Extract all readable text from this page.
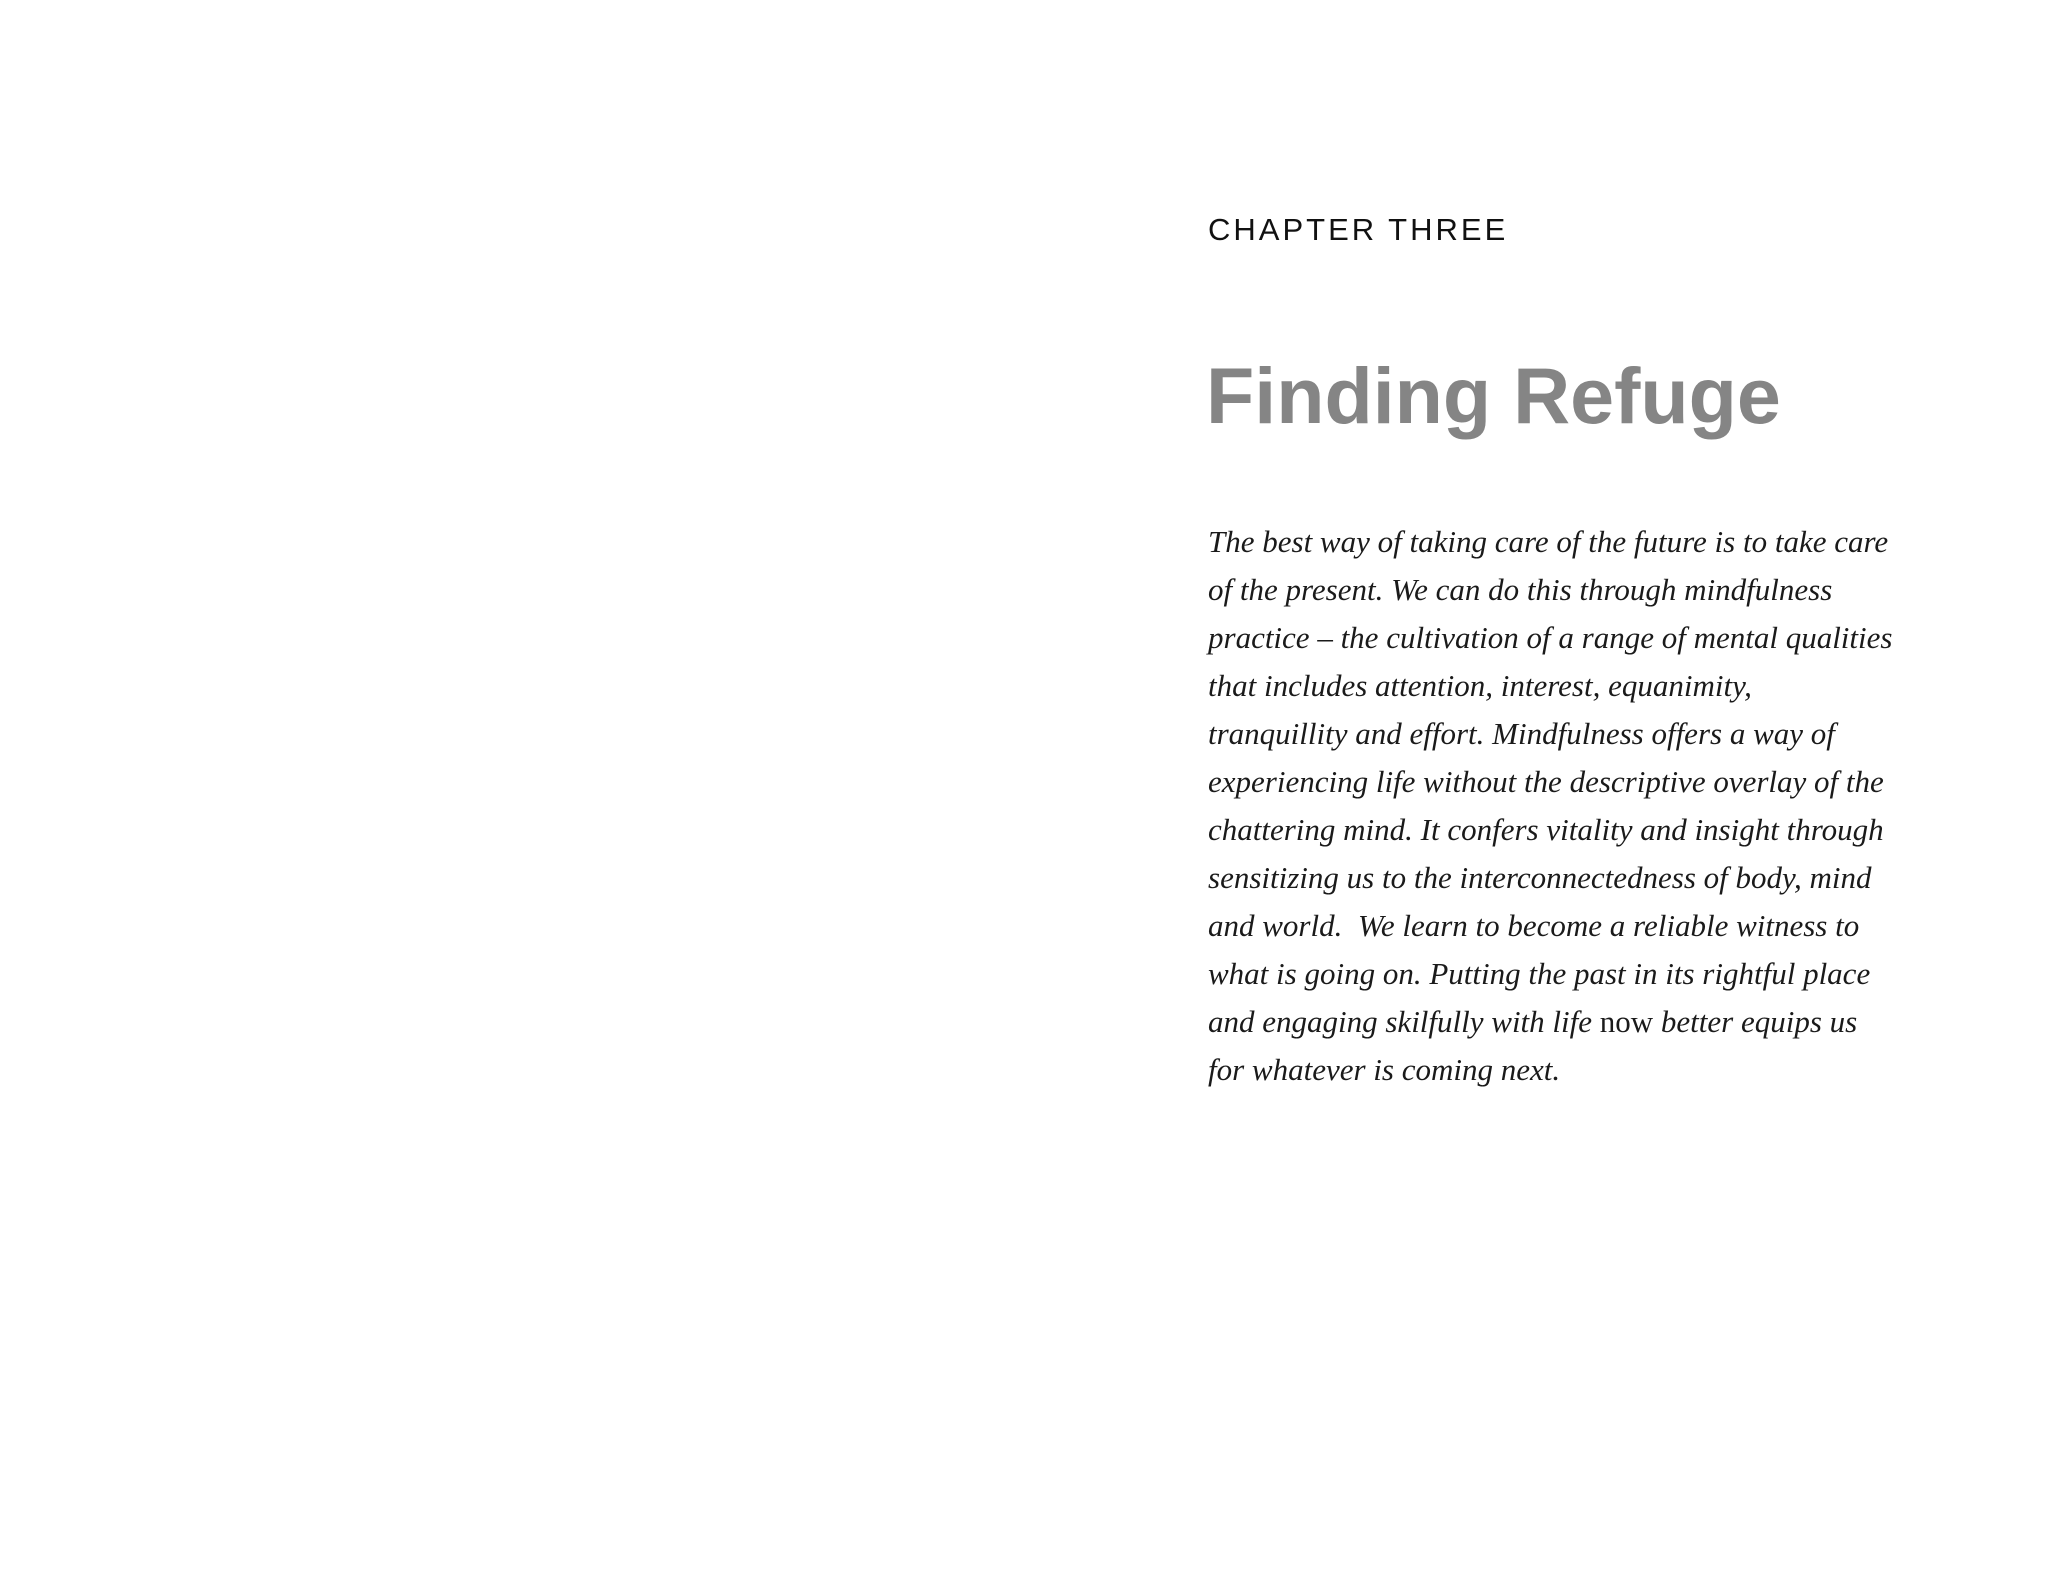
CHAPTER THREE
Finding Refuge
The best way of taking care of the future is to take care
of the present. We can do this through mindfulness
practice – the cultivation of a range of mental qualities
that includes attention, interest, equanimity,
tranquillity and effort. Mindfulness offers a way of
experiencing life without the descriptive overlay of the
chattering mind. It confers vitality and insight through
sensitizing us to the interconnectedness of body, mind
and world.  We learn to become a reliable witness to
what is going on. Putting the past in its rightful place
and engaging skilfully with life now better equips us
for whatever is coming next.
